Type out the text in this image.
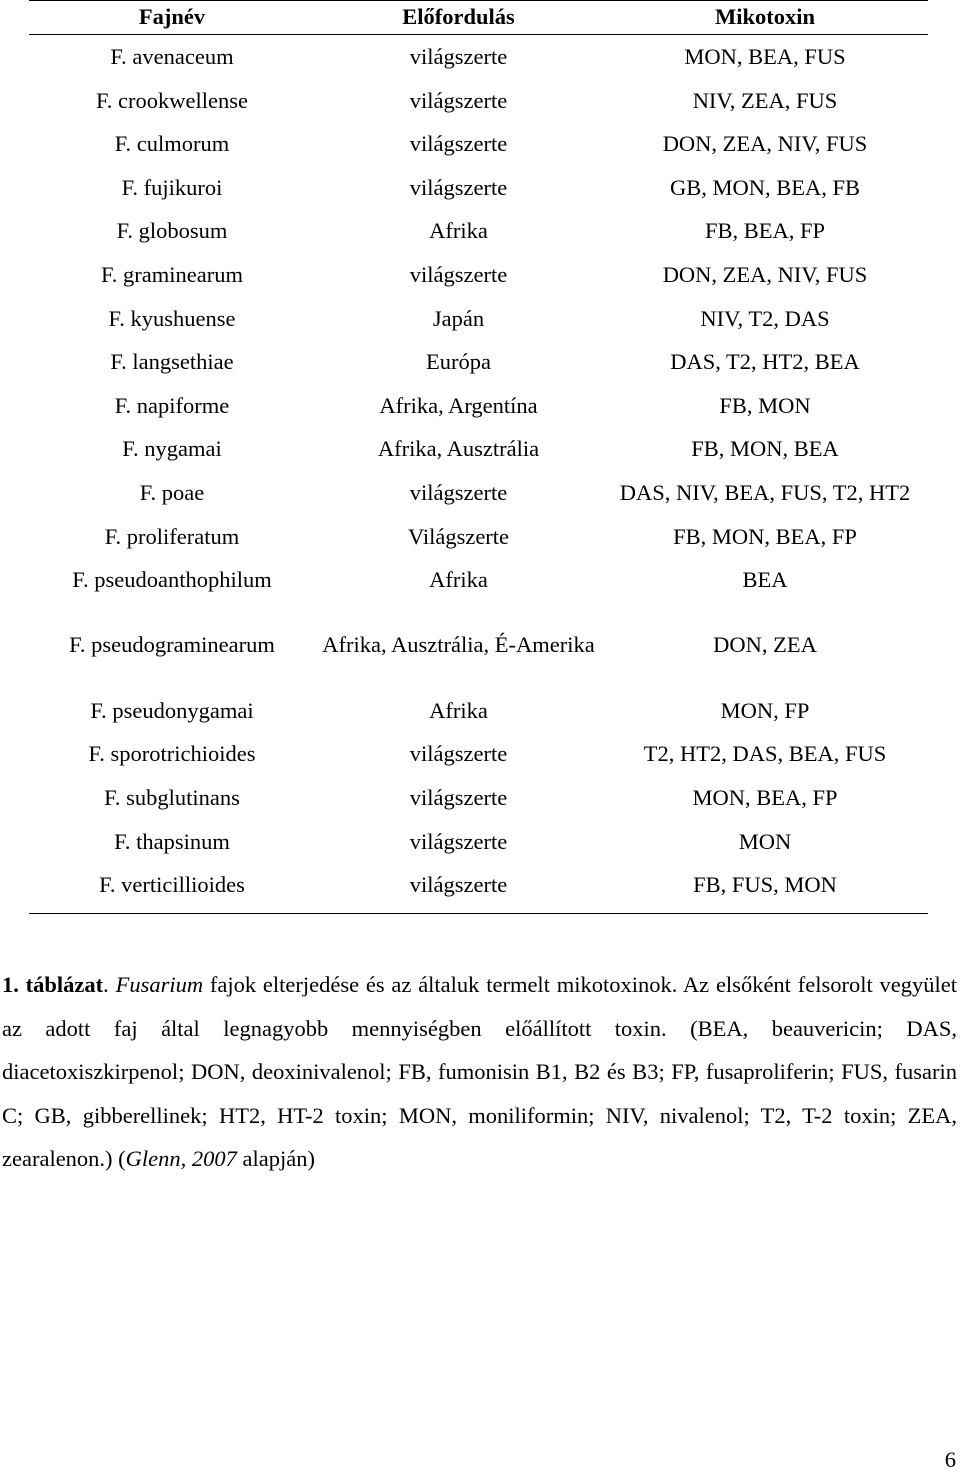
Fajnév	Előfordulás	Mikotoxin
F. avenaceum	világszerte	MON, BEA, FUS
F. crookwellense	világszerte	NIV, ZEA, FUS
F. culmorum	világszerte	DON, ZEA, NIV, FUS
F. fujikuroi	világszerte	GB, MON, BEA, FB
F. globosum	Afrika	FB, BEA, FP
F. graminearum	világszerte	DON, ZEA, NIV, FUS
F. kyushuense	Japán	NIV, T2, DAS
F. langsethiae	Európa	DAS, T2, HT2, BEA
F. napiforme	Afrika, Argentína	FB, MON
F. nygamai	Afrika, Ausztrália	FB, MON, BEA
F. poae	világszerte	DAS, NIV, BEA, FUS, T2, HT2
F. proliferatum	Világszerte	FB, MON, BEA, FP
F. pseudoanthophilum	Afrika	BEA
F. pseudograminearum	Afrika, Ausztrália, É-Amerika	DON, ZEA
F. pseudonygamai	Afrika	MON, FP
F. sporotrichioides	világszerte	T2, HT2, DAS, BEA, FUS
F. subglutinans	világszerte	MON, BEA, FP
F. thapsinum	világszerte	MON
F. verticillioides	világszerte	FB, FUS, MON
1. táblázat. Fusarium fajok elterjedése és az általuk termelt mikotoxinok. Az elsőként felsorolt vegyület az adott faj által legnagyobb mennyiségben előállított toxin. (BEA, beauvericin; DAS, diacetoxiszkirpenol; DON, deoxinivalenol; FB, fumonisin B1, B2 és B3; FP, fusaproliferin; FUS, fusarin C; GB, gibberellinek; HT2, HT-2 toxin; MON, moniliformin; NIV, nivalenol; T2, T-2 toxin; ZEA, zearalenon.) (Glenn, 2007 alapján)
6
